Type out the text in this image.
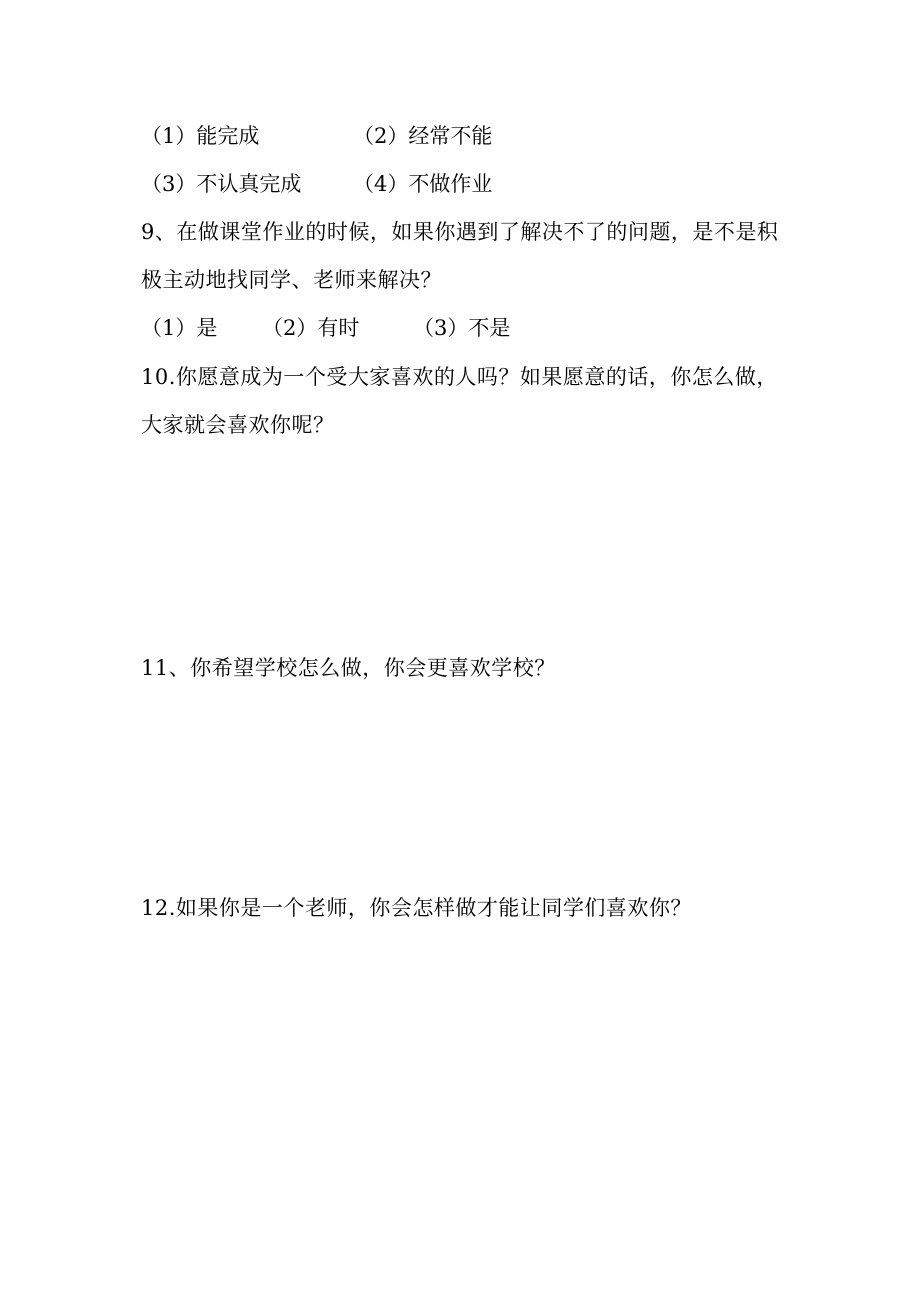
（1）能完成	（2）经常不能
（3）不认真完成 （4）不做作业
9、在做课堂作业的时候，如果你遇到了解决不了的问题，是不是积
极主动地找同学、老师来解决？
（1）是 （2）有时	（3）不是
10.你愿意成为一个受大家喜欢的人吗？如果愿意的话，你怎么做，
大家就会喜欢你呢？
11、你希望学校怎么做，你会更喜欢学校？
12.如果你是一个老师，你会怎样做才能让同学们喜欢你？
